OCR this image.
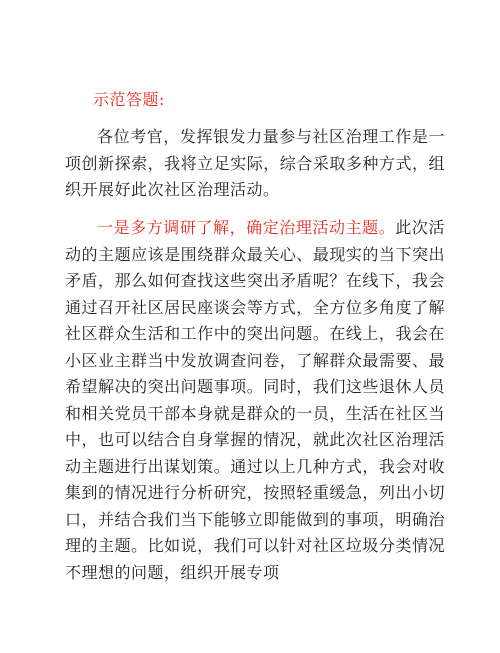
示范答题:

各位考官，发挥银发力量参与社区治理工作是一项创新探索，我将立足实际，综合采取多种方式，组织开展好此次社区治理活动。

一是多方调研了解，确定治理活动主题。此次活动的主题应该是围绕群众最关心、最现实的当下突出矛盾，那么如何查找这些突出矛盾呢？在线下，我会通过召开社区居民座谈会等方式，全方位多角度了解社区群众生活和工作中的突出问题。在线上，我会在小区业主群当中发放调查问卷，了解群众最需要、最希望解决的突出问题事项。同时，我们这些退休人员和相关党员干部本身就是群众的一员，生活在社区当中，也可以结合自身掌握的情况，就此次社区治理活动主题进行出谋划策。通过以上几种方式，我会对收集到的情况进行分析研究，按照轻重缓急，列出小切口，并结合我们当下能够立即能做到的事项，明确治理的主题。比如说，我们可以针对社区垃圾分类情况不理想的问题，组织开展专项
